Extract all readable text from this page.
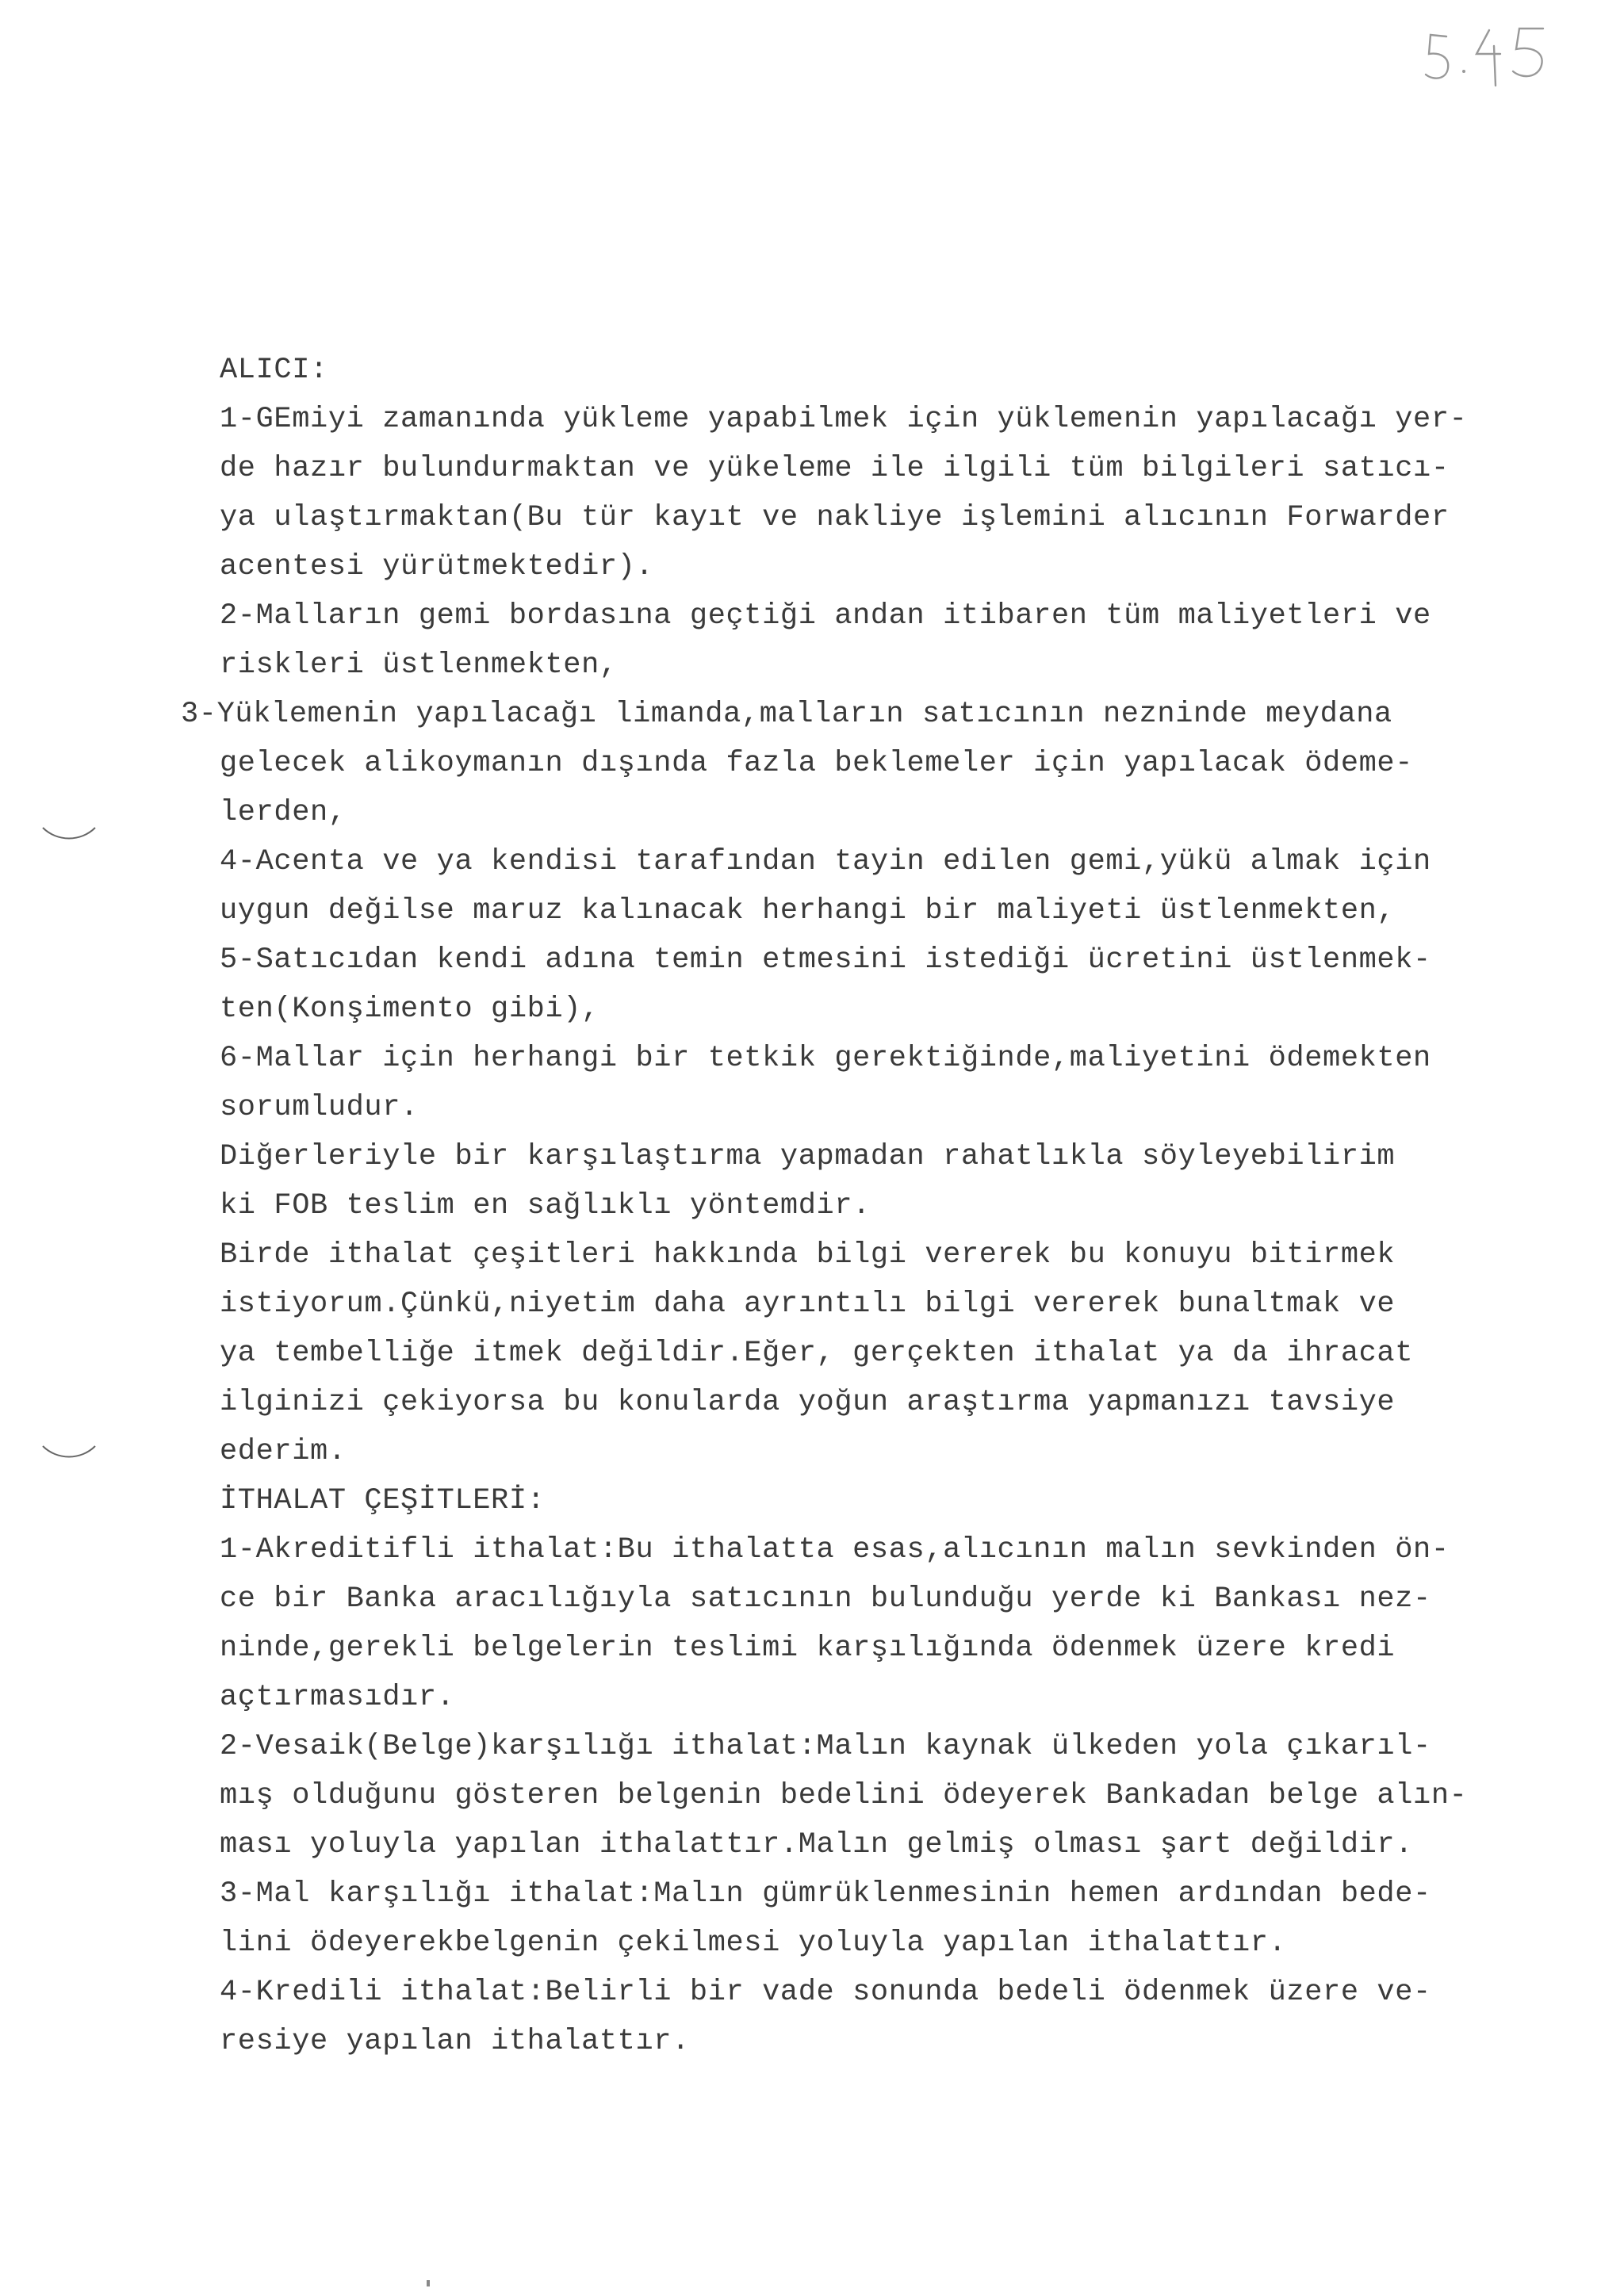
ALICI:
1-GEmiyi zamanında yükleme yapabilmek için yüklemenin yapılacağı yer-
de hazır bulundurmaktan ve yükeleme ile ilgili tüm bilgileri satıcı-
ya ulaştırmaktan(Bu tür kayıt ve nakliye işlemini alıcının Forwarder
acentesi yürütmektedir).
2-Malların gemi bordasına geçtiği andan itibaren tüm maliyetleri ve
riskleri üstlenmekten,
3-Yüklemenin yapılacağı limanda,malların satıcının nezninde meydana
gelecek alikoymanın dışında fazla beklemeler için yapılacak ödeme-
lerden,
4-Acenta ve ya kendisi tarafından tayin edilen gemi,yükü almak için
uygun değilse maruz kalınacak herhangi bir maliyeti üstlenmekten,
5-Satıcıdan kendi adına temin etmesini istediği ücretini üstlenmek-
ten(Konşimento gibi),
6-Mallar için herhangi bir tetkik gerektiğinde,maliyetini ödemekten
sorumludur.
Diğerleriyle bir karşılaştırma yapmadan rahatlıkla söyleyebilirim
ki FOB teslim en sağlıklı yöntemdir.
Birde ithalat çeşitleri hakkında bilgi vererek bu konuyu bitirmek
istiyorum.Çünkü,niyetim daha ayrıntılı bilgi vererek bunaltmak ve
ya tembelliğe itmek değildir.Eğer, gerçekten ithalat ya da ihracat
ilginizi çekiyorsa bu konularda yoğun araştırma yapmanızı tavsiye
ederim.
İTHALAT ÇEŞİTLERİ:
1-Akreditifli ithalat:Bu ithalatta esas,alıcının malın sevkinden ön-
ce bir Banka aracılığıyla satıcının bulunduğu yerde ki Bankası nez-
ninde,gerekli belgelerin teslimi karşılığında ödenmek üzere kredi
açtırmasıdır.
2-Vesaik(Belge)karşılığı ithalat:Malın kaynak ülkeden yola çıkarıl-
mış olduğunu gösteren belgenin bedelini ödeyerek Bankadan belge alın-
ması yoluyla yapılan ithalattır.Malın gelmiş olması şart değildir.
3-Mal karşılığı ithalat:Malın gümrüklenmesinin hemen ardından bede-
lini ödeyerekbelgenin çekilmesi yoluyla yapılan ithalattır.
4-Kredili ithalat:Belirli bir vade sonunda bedeli ödenmek üzere ve-
resiye yapılan ithalattır.
